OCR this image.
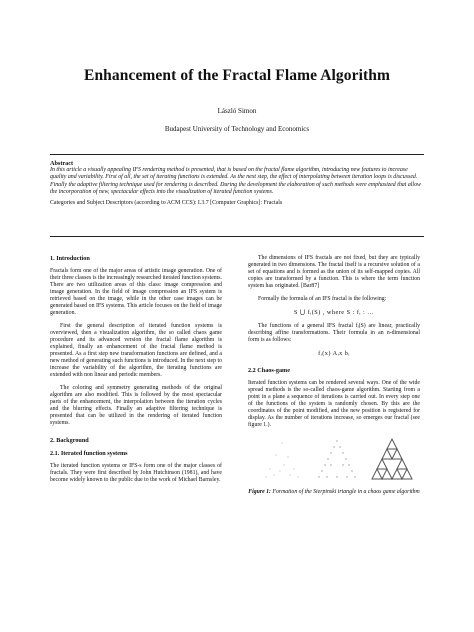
Enhancement of the Fractal Flame Algorithm
László Simon
Budapest University of Technology and Economics
Abstract
In this article a visually appealing IFS rendering method is presented, that is based on the fractal flame algorithm, introducing new features to increase quality and variability. First of all, the set of iterating functions is extended. As the next step, the effect of interpolating between iteration loops is discussed. Finally the adaptive filtering technique used for rendering is described. During the development the elaboration of such methods were emphasized that allow the incorporation of new, spectacular effects into the visualization of iterated function systems.
Categories and Subject Descriptors (according to ACM CCS): I.3.7 [Computer Graphics]: Fractals
1. Introduction

Fractals form one of the major areas of artistic image generation. One of their three classes is the increasingly researched iterated function systems. There are two utilization areas of this class: image compression and image generation. In the field of image compression an IFS system is retrieved based on the image, while in the other case images can be generated based on IFS systems. This article focuses on the field of image generation.

First the general description of iterated function systems is overviewed, then a visualization algorithm, the so called chaos game procedure and its advanced version the fractal flame algorithm is explained, finally an enhancement of the fractal flame method is presented. As a first step new transformation functions are defined, and a new method of generating such functions is introduced. In the next step to increase the variability of the algorithm, the iterating functions are extended with non linear and periodic members.

The coloring and symmetry generating methods of the original algorithm are also modified. This is followed by the most spectacular parts of the enhancement, the interpolation between the iteration cycles and the blurring effects. Finally an adaptive filtering technique is presented that can be utilized in the rendering of iterated function systems.

2. Background
2.1. Iterated function systems

The iterated function systems or IFS-s form one of the major classes of fractals. They were first described by John Hutchinson (1981), and have become widely known to the public due to the work of Michael Barnsley.

The dimensions of IFS fractals are not fixed, but they are typically generated in two dimensions. The fractal itself is a recursive solution of a set of equations and is formed as the union of its self-mapped copies. All copies are transformed by a function. This is where the term function system has originated. [Bar87]

Formally the formula of an IFS fractal is the following:

S ⋃ fᵢ(S) , where S : fᵢ : …

The functions of a general IFS fractal fᵢ(S) are linear, practically describing affine transformations. Their formula in an n-dimensional form is as follows:

fᵢ(x) Aᵢx bᵢ
2.2 Chaos-game

Iterated function systems can be rendered several ways. One of the wide spread methods is the so-called chaos-game algorithm. Starting from a point in a plane a sequence of iterations is carried out. In every step one of the functions of the system is randomly chosen. By this are the coordinates of the point modified, and the new position is registered for display. As the number of iterations increase, so emerges our fractal (see figure 1.).

Figure 1: Formation of the Sierpinski triangle in a chaos game algorithm
